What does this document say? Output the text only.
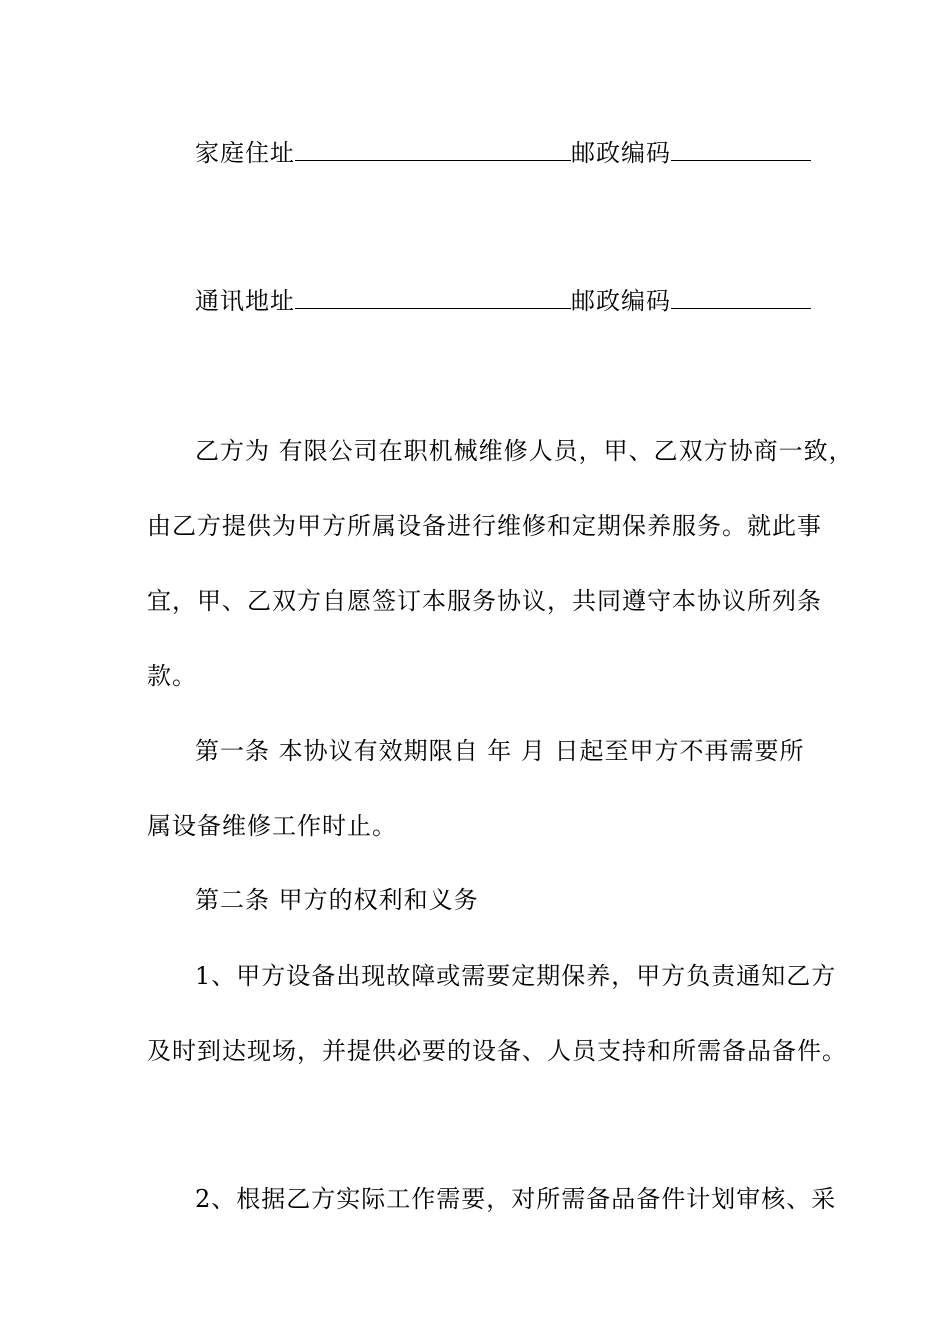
家庭住址	邮政编码
通讯地址	邮政编码
乙方为 有限公司在职机械维修人员，甲、乙双方协商一致，
由乙方提供为甲方所属设备进行维修和定期保养服务。就此事
宜，甲、乙双方自愿签订本服务协议，共同遵守本协议所列条
款。
第一条 本协议有效期限自 年 月 日起至甲方不再需要所
属设备维修工作时止。
第二条 甲方的权利和义务
1、甲方设备出现故障或需要定期保养，甲方负责通知乙方
及时到达现场，并提供必要的设备、人员支持和所需备品备件。
2、根据乙方实际工作需要，对所需备品备件计划审核、采
